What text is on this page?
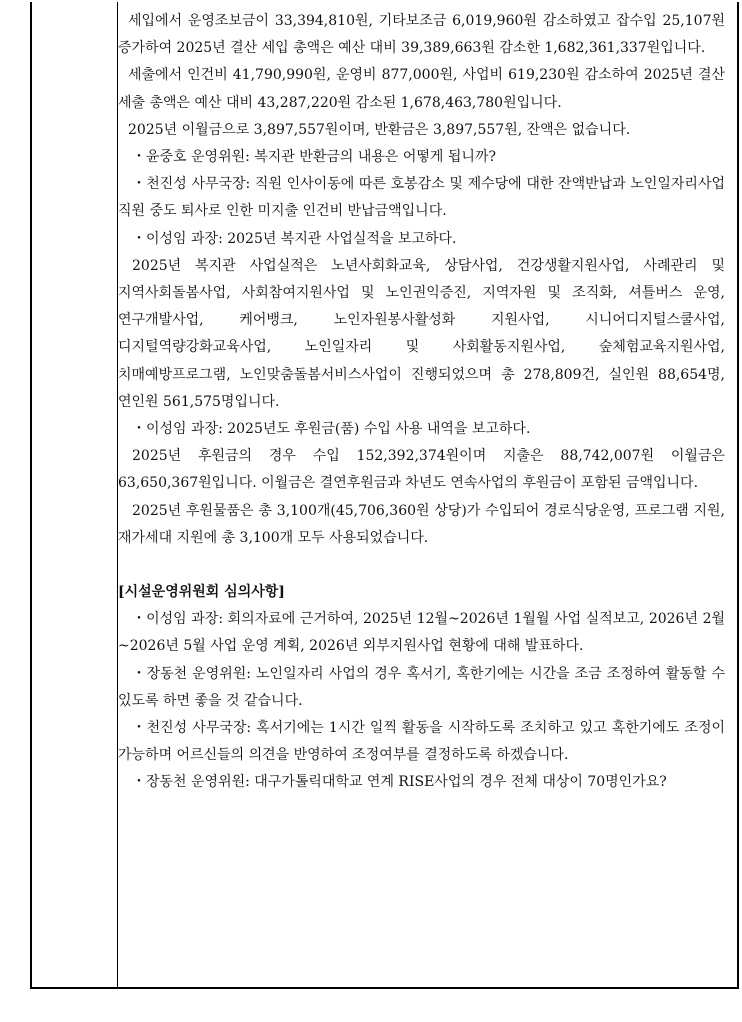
세입에서 운영조보금이 33,394,810원, 기타보조금 6,019,960원 감소하였고 잡수입 25,107원 증가하여 2025년 결산 세입 총액은 예산 대비 39,389,663원 감소한 1,682,361,337원입니다.

세출에서 인건비 41,790,990원, 운영비 877,000원, 사업비 619,230원 감소하여 2025년 결산 세출 총액은 예산 대비 43,287,220원 감소된 1,678,463,780원입니다.

2025년 이월금으로 3,897,557원이며, 반환금은 3,897,557원, 잔액은 없습니다.

・윤중호 운영위원: 복지관 반환금의 내용은 어떻게 됩니까?

・천진성 사무국장: 직원 인사이동에 따른 호봉감소 및 제수당에 대한 잔액반납과 노인일자리사업 직원 중도 퇴사로 인한 미지출 인건비 반납금액입니다.

・이성임 과장: 2025년 복지관 사업실적을 보고하다.

2025년 복지관 사업실적은 노년사회화교육, 상담사업, 건강생활지원사업, 사례관리 및 지역사회돌봄사업, 사회참여지원사업 및 노인권익증진, 지역자원 및 조직화, 셔틀버스 운영, 연구개발사업, 케어뱅크, 노인자원봉사활성화 지원사업, 시니어디지털스쿨사업, 디지털역량강화교육사업, 노인일자리 및 사회활동지원사업, 숲체험교육지원사업, 치매예방프로그램, 노인맞춤돌봄서비스사업이 진행되었으며 총 278,809건, 실인원 88,654명, 연인원 561,575명입니다.

・이성임 과장: 2025년도 후원금(품) 수입 사용 내역을 보고하다.

2025년 후원금의 경우 수입 152,392,374원이며 지출은 88,742,007원 이월금은 63,650,367원입니다. 이월금은 결연후원금과 차년도 연속사업의 후원금이 포함된 금액입니다.

2025년 후원물품은 총 3,100개(45,706,360원 상당)가 수입되어 경로식당운영, 프로그램 지원, 재가세대 지원에 총 3,100개 모두 사용되었습니다.

[시설운영위원회 심의사항]

・이성임 과장: 회의자료에 근거하여, 2025년 12월~2026년 1월월 사업 실적보고, 2026년 2월~2026년 5월 사업 운영 계획, 2026년 외부지원사업 현황에 대해 발표하다.

・장동천 운영위원: 노인일자리 사업의 경우 혹서기, 혹한기에는 시간을 조금 조정하여 활동할 수 있도록 하면 좋을 것 같습니다.

・천진성 사무국장: 혹서기에는 1시간 일찍 활동을 시작하도록 조치하고 있고 혹한기에도 조정이 가능하며 어르신들의 의견을 반영하여 조정여부를 결정하도록 하겠습니다.

・장동천 운영위원: 대구가톨릭대학교 연계 RISE사업의 경우 전체 대상이 70명인가요?
